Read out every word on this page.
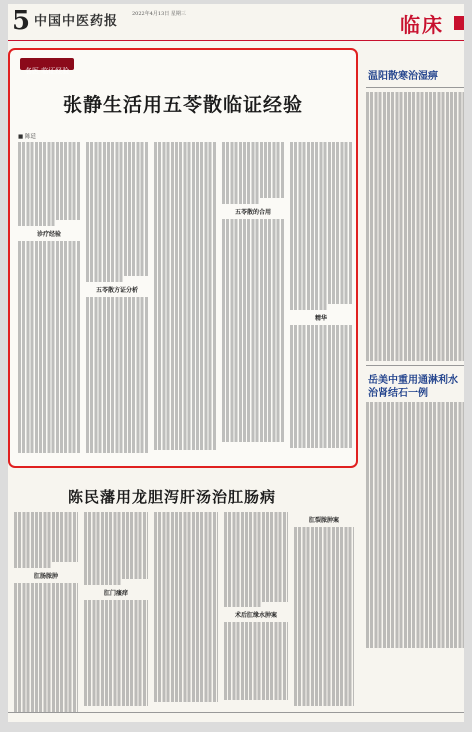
5 中国中医药报	2022年4月13日 星期三	临床
名医 临证经验
张静生活用五苓散临证经验
■ 陈廷
诊疗经验
五苓散方证分析
五苓散的合用
精华
温阳散寒治湿痹
岳美中重用通淋利水治肾结石一例
陈民藩用龙胆泻肝汤治肛肠病
肛肠脓肿
肛门瘙痒
术后肛缘水肿案
肛裂脓肿案
